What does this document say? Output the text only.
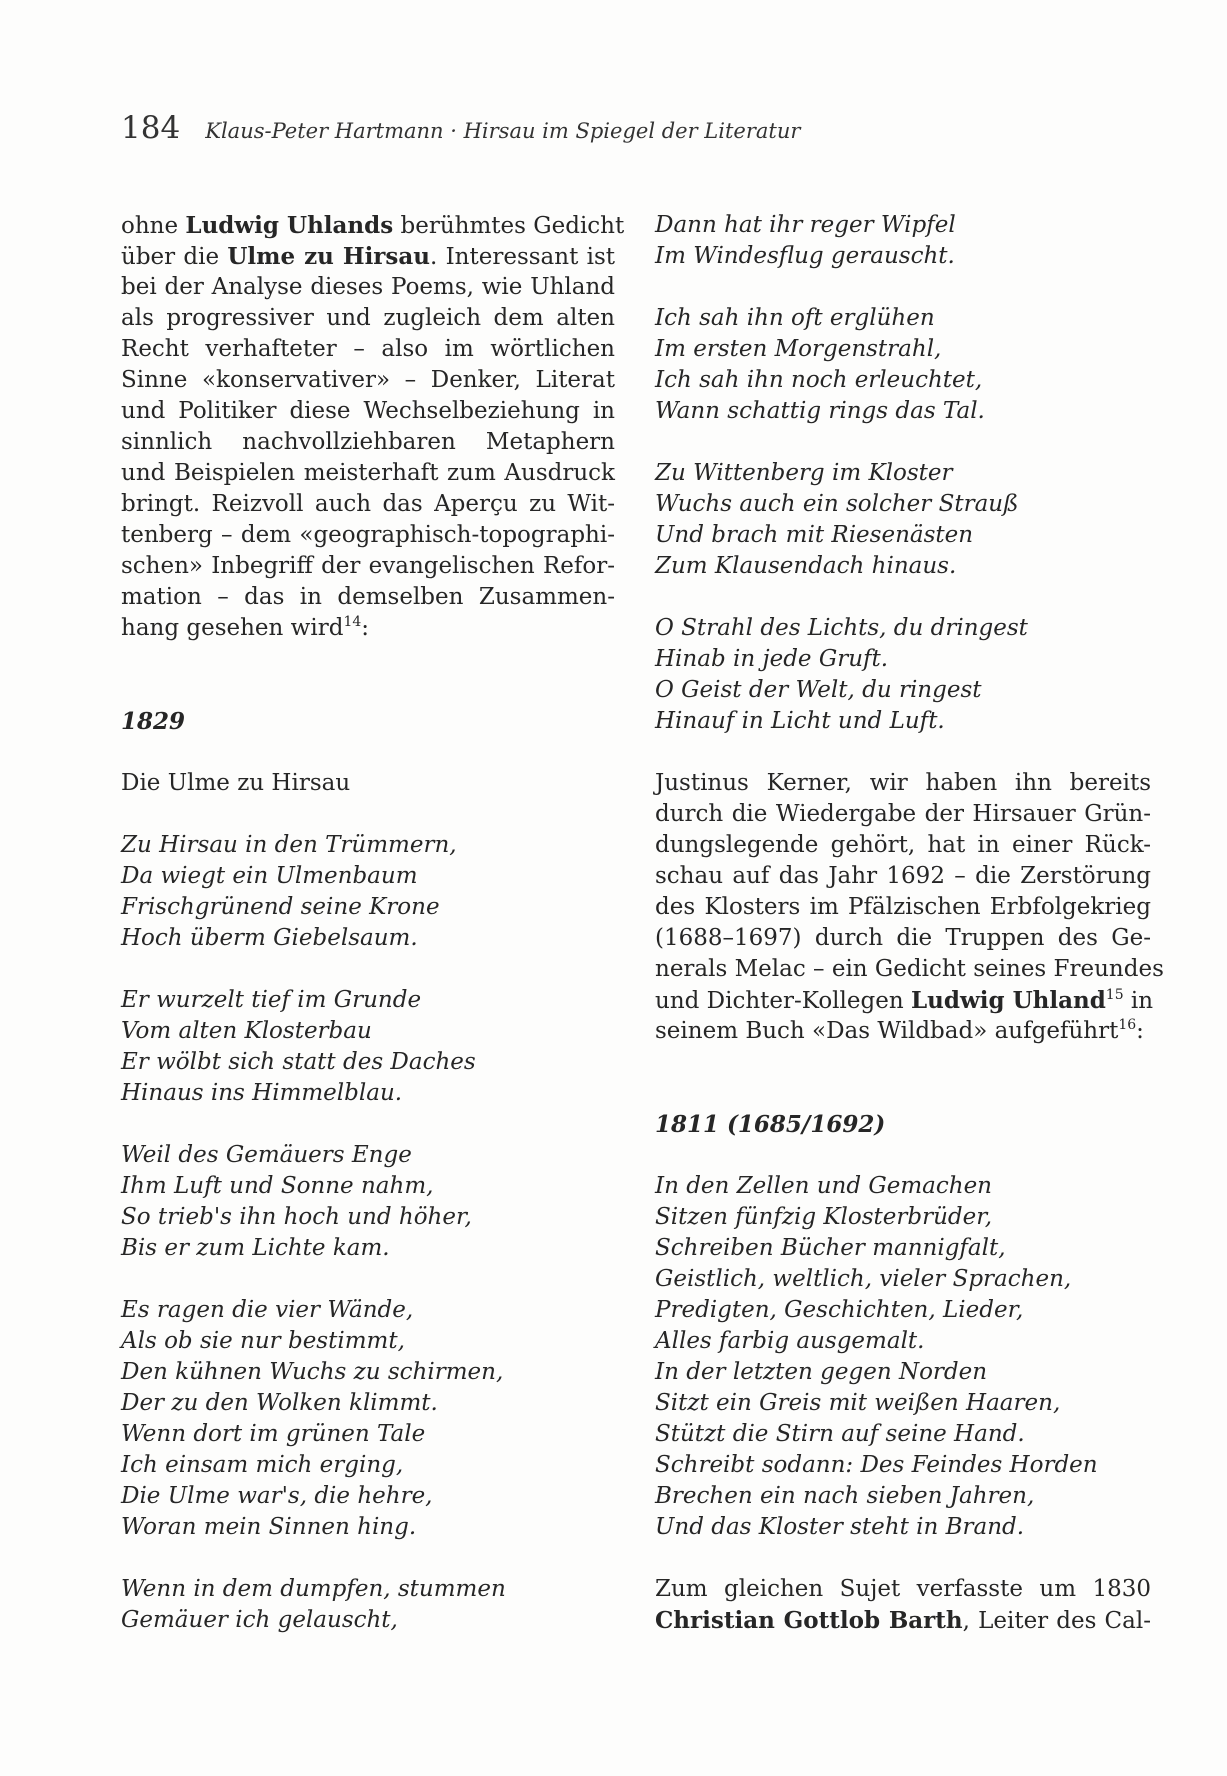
184 Klaus-Peter Hartmann · Hirsau im Spiegel der Literatur
ohne Ludwig Uhlands berühmtes Gedicht
über die Ulme zu Hirsau. Interessant ist
bei der Analyse dieses Poems, wie Uhland
als progressiver und zugleich dem alten
Recht verhafteter – also im wörtlichen
Sinne «konservativer» – Denker, Literat
und Politiker diese Wechselbeziehung in
sinnlich nachvollziehbaren Metaphern
und Beispielen meisterhaft zum Ausdruck
bringt. Reizvoll auch das Aperçu zu Wit-
tenberg – dem «geographisch-topographi-
schen» Inbegriff der evangelischen Refor-
mation – das in demselben Zusammen-
hang gesehen wird$^{14}$:
1829
Die Ulme zu Hirsau
Zu Hirsau in den Trümmern,
Da wiegt ein Ulmenbaum
Frischgrünend seine Krone
Hoch überm Giebelsaum.
Er wurzelt tief im Grunde
Vom alten Klosterbau
Er wölbt sich statt des Daches
Hinaus ins Himmelblau.
Weil des Gemäuers Enge
Ihm Luft und Sonne nahm,
So trieb's ihn hoch und höher,
Bis er zum Lichte kam.
Es ragen die vier Wände,
Als ob sie nur bestimmt,
Den kühnen Wuchs zu schirmen,
Der zu den Wolken klimmt.
Wenn dort im grünen Tale
Ich einsam mich erging,
Die Ulme war's, die hehre,
Woran mein Sinnen hing.
Wenn in dem dumpfen, stummen
Gemäuer ich gelauscht,
Dann hat ihr reger Wipfel
Im Windesflug gerauscht.
Ich sah ihn oft erglühen
Im ersten Morgenstrahl,
Ich sah ihn noch erleuchtet,
Wann schattig rings das Tal.
Zu Wittenberg im Kloster
Wuchs auch ein solcher Strauß
Und brach mit Riesenästen
Zum Klausendach hinaus.
O Strahl des Lichts, du dringest
Hinab in jede Gruft.
O Geist der Welt, du ringest
Hinauf in Licht und Luft.
Justinus Kerner, wir haben ihn bereits
durch die Wiedergabe der Hirsauer Grün-
dungslegende gehört, hat in einer Rück-
schau auf das Jahr 1692 – die Zerstörung
des Klosters im Pfälzischen Erbfolgekrieg
(1688–1697) durch die Truppen des Ge-
nerals Melac – ein Gedicht seines Freundes
und Dichter-Kollegen Ludwig Uhland$^{15}$ in
seinem Buch «Das Wildbad» aufgeführt$^{16}$:
1811 (1685/1692)
In den Zellen und Gemachen
Sitzen fünfzig Klosterbrüder,
Schreiben Bücher mannigfalt,
Geistlich, weltlich, vieler Sprachen,
Predigten, Geschichten, Lieder,
Alles farbig ausgemalt.
In der letzten gegen Norden
Sitzt ein Greis mit weißen Haaren,
Stützt die Stirn auf seine Hand.
Schreibt sodann: Des Feindes Horden
Brechen ein nach sieben Jahren,
Und das Kloster steht in Brand.
Zum gleichen Sujet verfasste um 1830
Christian Gottlob Barth, Leiter des Cal-
